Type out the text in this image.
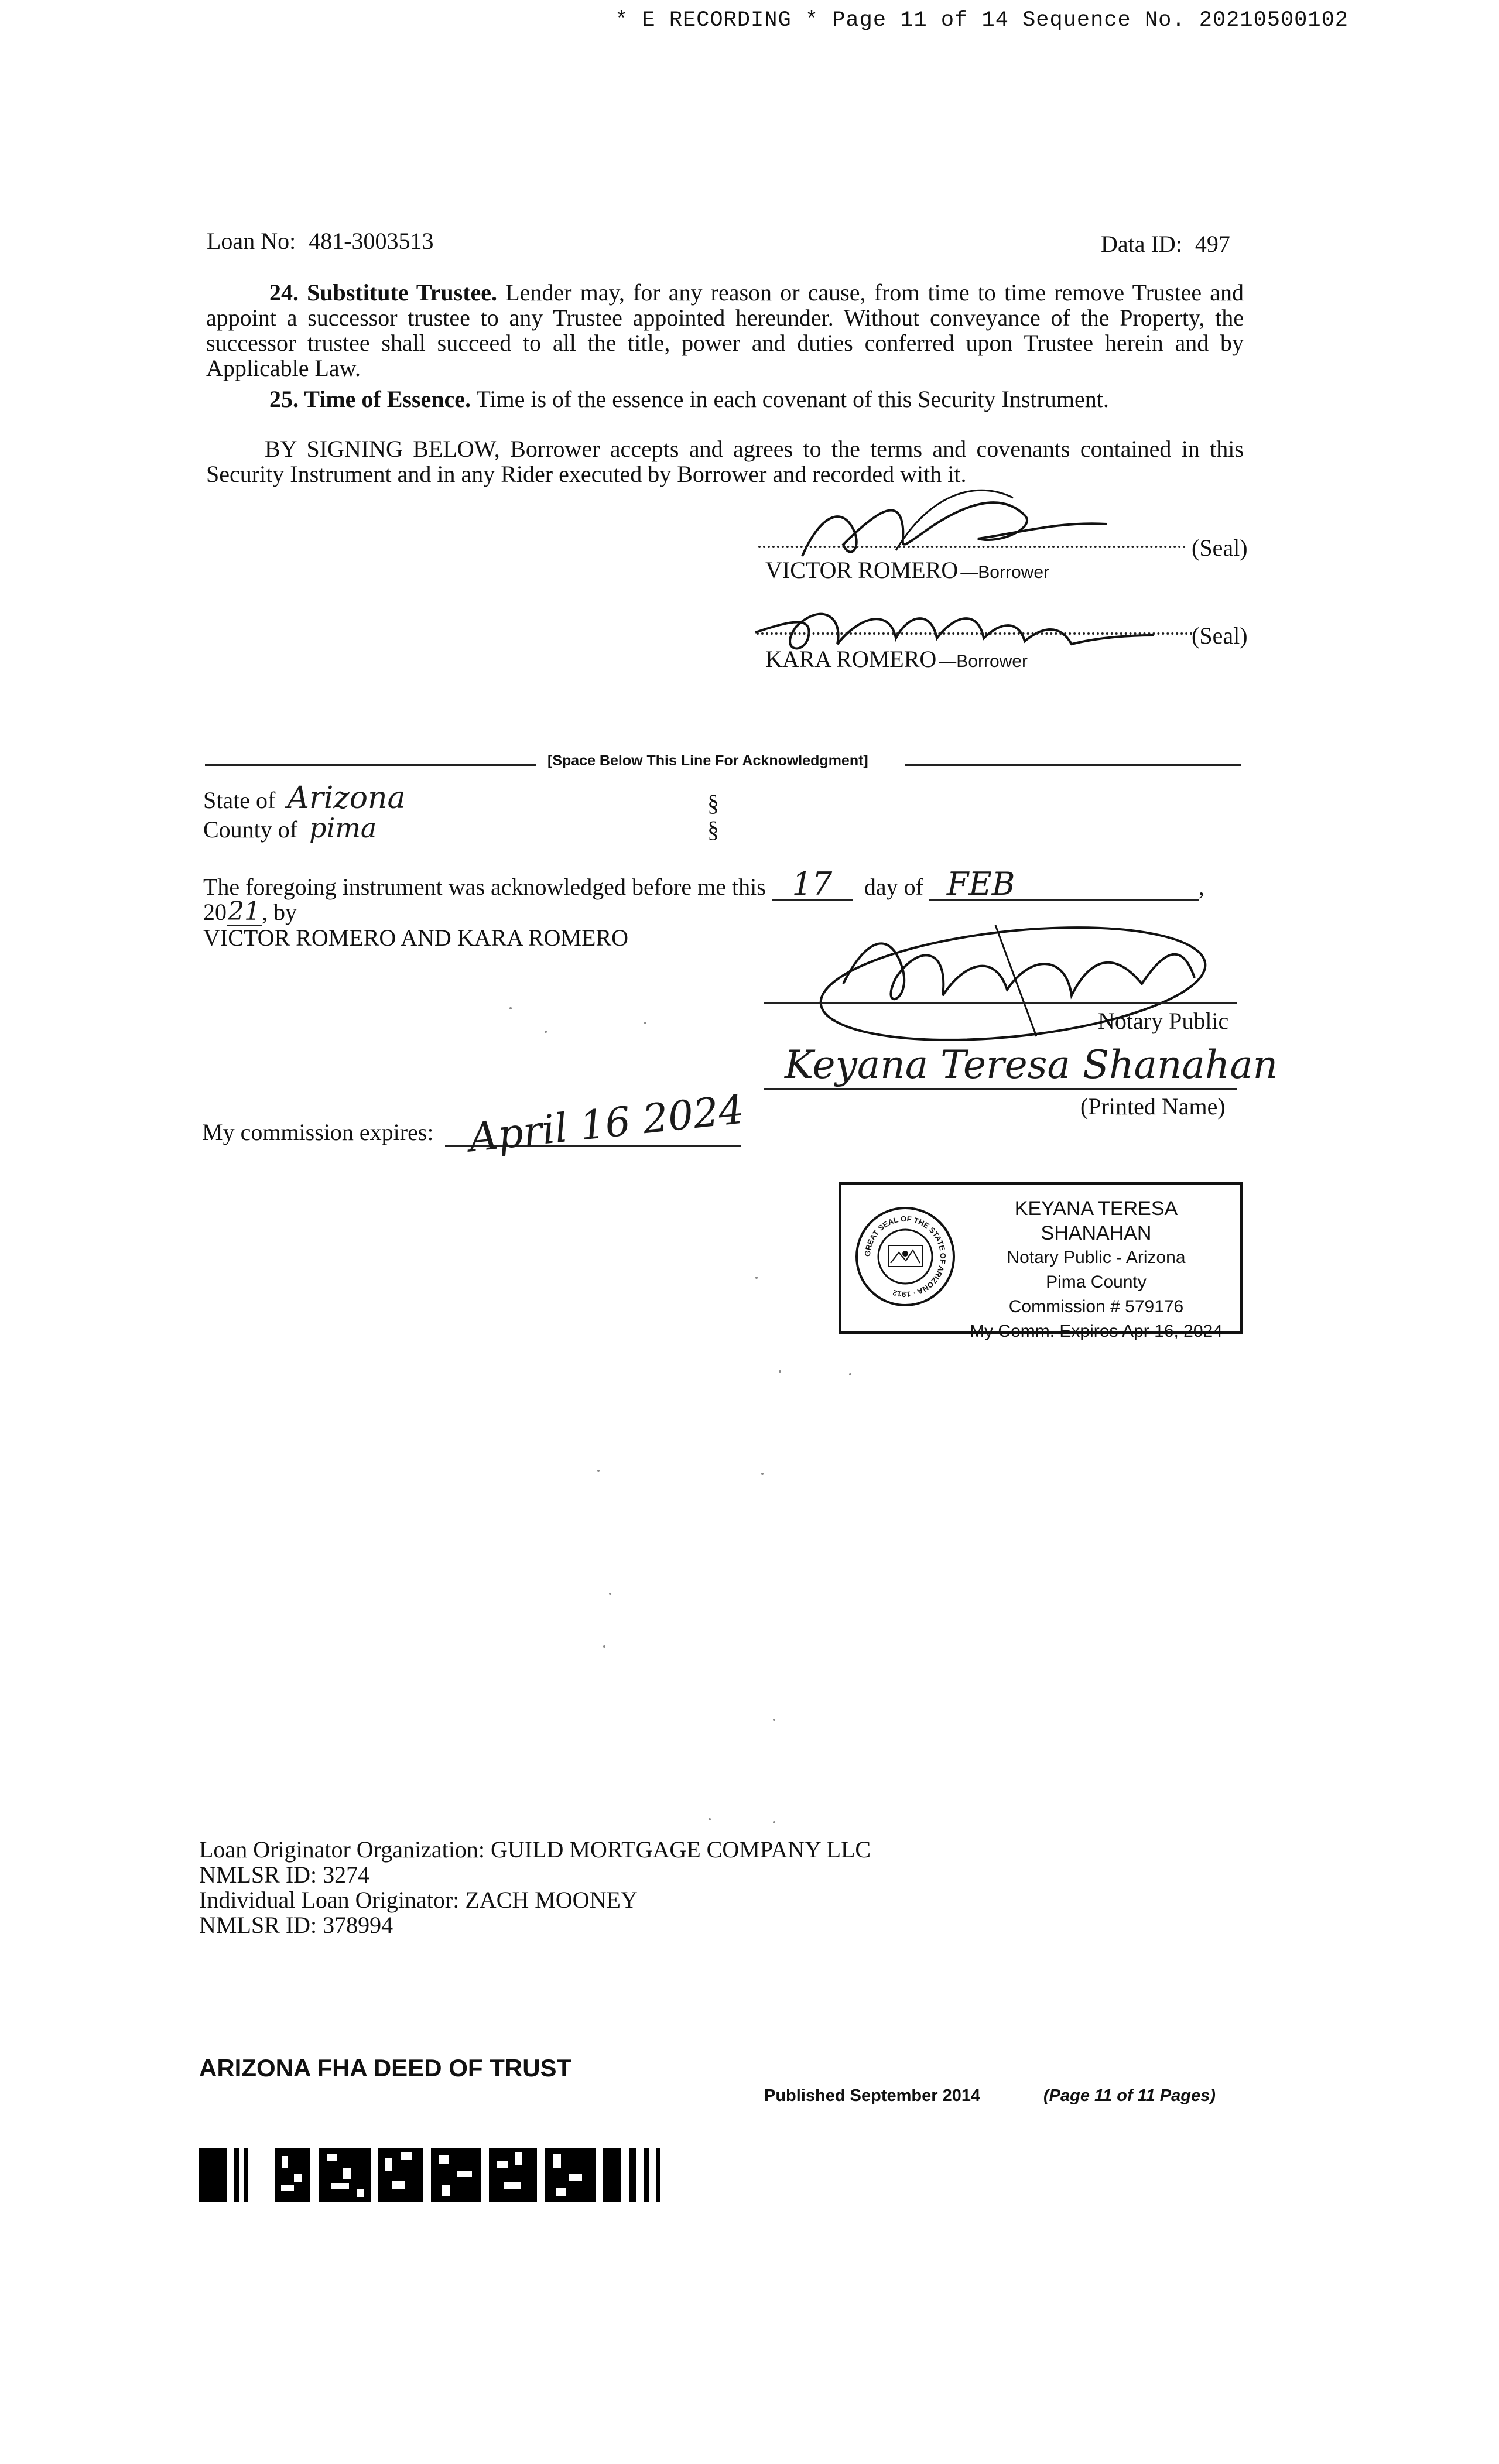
* E RECORDING * Page 11 of 14 Sequence No. 20210500102
Loan No: 481-3003513	Data ID: 497
24. Substitute Trustee. Lender may, for any reason or cause, from time to time remove Trustee and appoint a successor trustee to any Trustee appointed hereunder. Without conveyance of the Property, the successor trustee shall succeed to all the title, power and duties conferred upon Trustee herein and by Applicable Law.
25. Time of Essence. Time is of the essence in each covenant of this Security Instrument.
BY SIGNING BELOW, Borrower accepts and agrees to the terms and covenants contained in this Security Instrument and in any Rider executed by Borrower and recorded with it.
(Seal)
VICTOR ROMERO —Borrower
(Seal)
KARA ROMERO —Borrower
[Space Below This Line For Acknowledgment]
State of Arizona	§
County of pima	§
The foregoing instrument was acknowledged before me this 17 day of FEB	,
2021, by
VICTOR ROMERO AND KARA ROMERO
Notary Public
Keyana Teresa Shanahan
(Printed Name)
My commission expires: April 16 2024
GREAT SEAL OF THE STATE OF ARIZONA · 1912
KEYANA TERESA SHANAHAN
Notary Public - Arizona
Pima County
Commission # 579176
My Comm. Expires Apr 16, 2024
Loan Originator Organization: GUILD MORTGAGE COMPANY LLC
NMLSR ID: 3274
Individual Loan Originator: ZACH MOONEY
NMLSR ID: 378994
ARIZONA FHA DEED OF TRUST
Published September 2014	(Page 11 of 11 Pages)
